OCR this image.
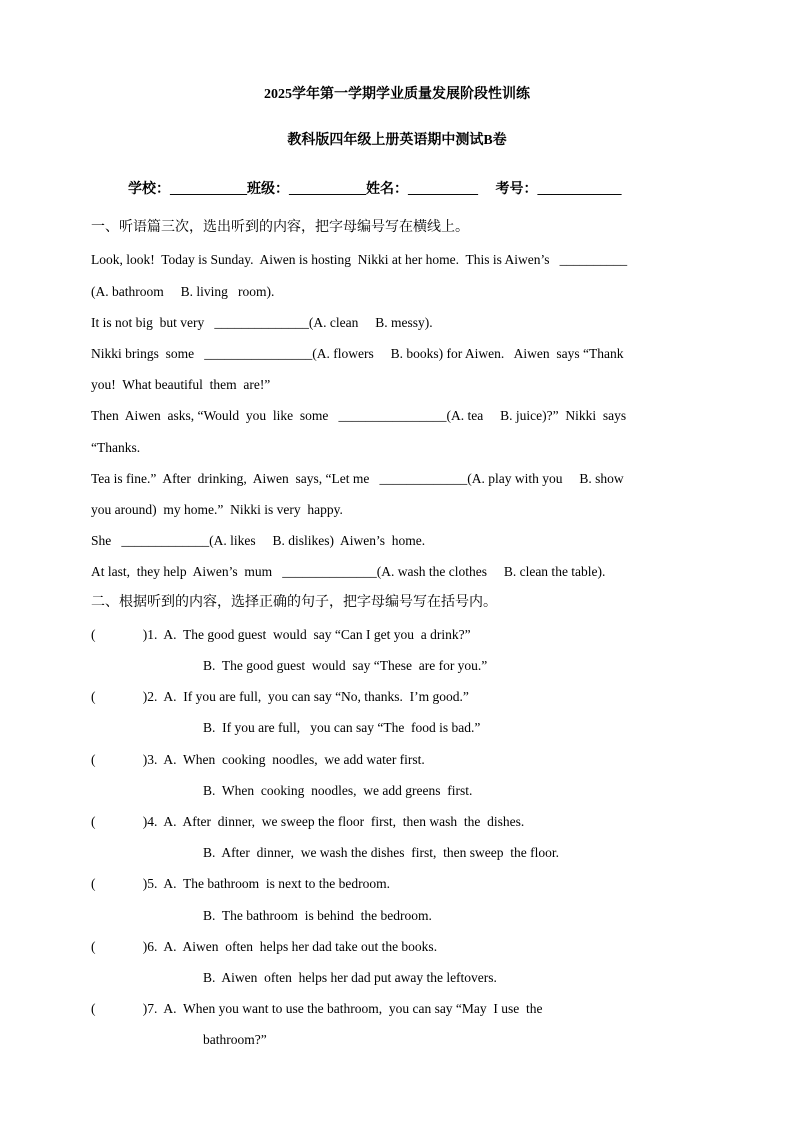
2025学年第一学期学业质量发展阶段性训练
教科版四年级上册英语期中测试B卷
学校：___________班级：___________姓名：__________     考号：____________
一、听语篇三次，选出听到的内容，把字母编号写在横线上。
Look, look!  Today is Sunday.  Aiwen is hosting  Nikki at her home.  This is Aiwen’s   __________
(A. bathroom     B. living   room).
It is not big  but very   ______________(A. clean     B. messy).
Nikki brings  some   ________________(A. flowers     B. books) for Aiwen.   Aiwen  says “Thank
you!  What beautiful  them  are!”
Then  Aiwen  asks, “Would  you  like  some   ________________(A. tea     B. juice)?”  Nikki  says
“Thanks.
Tea is fine.”  After  drinking,  Aiwen  says, “Let me   _____________(A. play with you     B. show
you around)  my home.”  Nikki is very  happy.
She   _____________(A. likes     B. dislikes)  Aiwen’s  home.
At last,  they help  Aiwen’s  mum   ______________(A. wash the clothes     B. clean the table).
二、根据听到的内容，选择正确的句子，把字母编号写在括号内。
(              )1.  A.  The good guest  would  say “Can I get you  a drink?”
B.  The good guest  would  say “These  are for you.”
(              )2.  A.  If you are full,  you can say “No, thanks.  I’m good.”
B.  If you are full,   you can say “The  food is bad.”
(              )3.  A.  When  cooking  noodles,  we add water first.
B.  When  cooking  noodles,  we add greens  first.
(              )4.  A.  After  dinner,  we sweep the floor  first,  then wash  the  dishes.
B.  After  dinner,  we wash the dishes  first,  then sweep  the floor.
(              )5.  A.  The bathroom  is next to the bedroom.
B.  The bathroom  is behind  the bedroom.
(              )6.  A.  Aiwen  often  helps her dad take out the books.
B.  Aiwen  often  helps her dad put away the leftovers.
(              )7.  A.  When you want to use the bathroom,  you can say “May  I use  the
bathroom?”
